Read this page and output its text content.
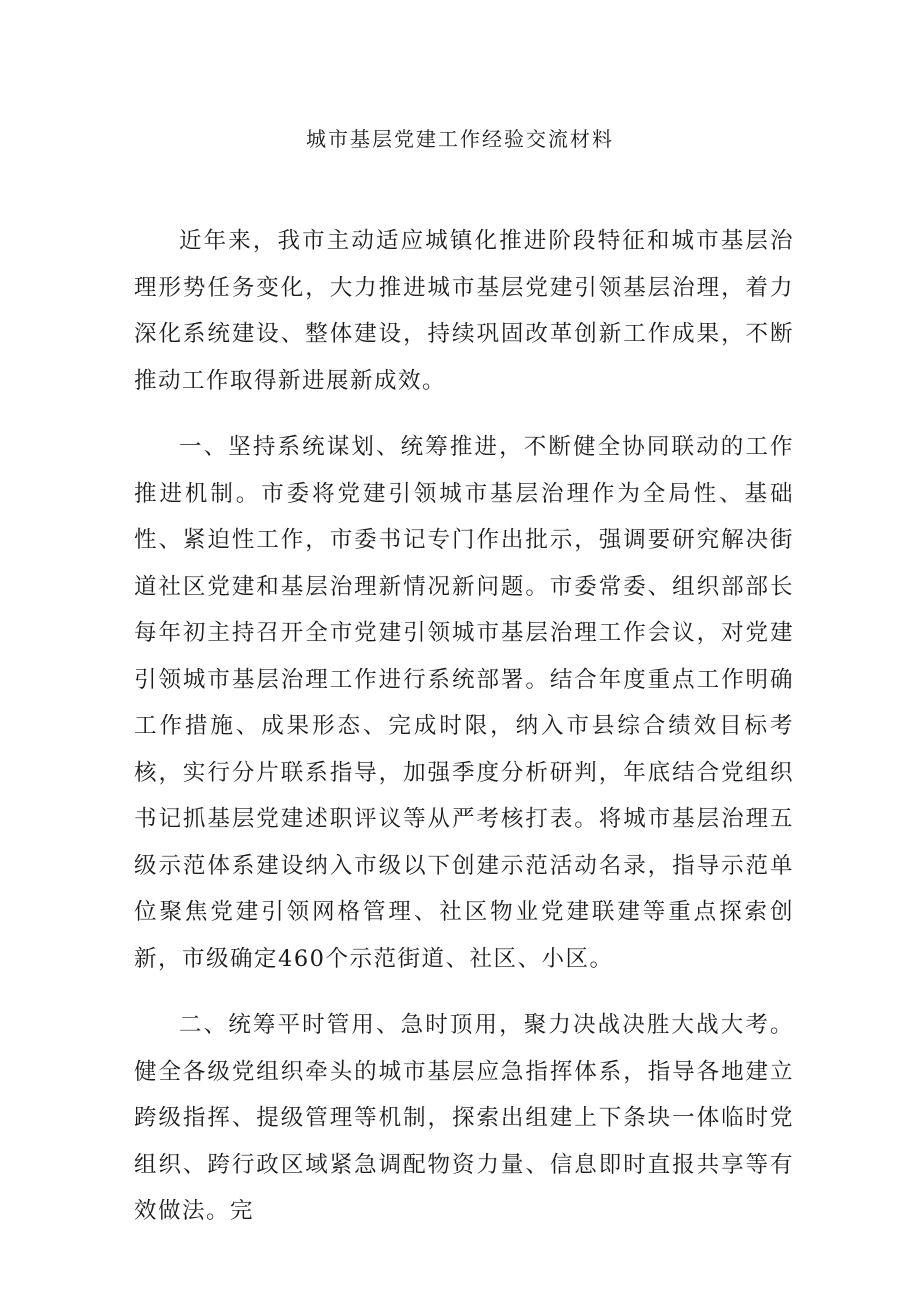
城市基层党建工作经验交流材料

近年来，我市主动适应城镇化推进阶段特征和城市基层治理形势任务变化，大力推进城市基层党建引领基层治理，着力深化系统建设、整体建设，持续巩固改革创新工作成果，不断推动工作取得新进展新成效。

一、坚持系统谋划、统筹推进，不断健全协同联动的工作推进机制。市委将党建引领城市基层治理作为全局性、基础性、紧迫性工作，市委书记专门作出批示，强调要研究解决街道社区党建和基层治理新情况新问题。市委常委、组织部部长每年初主持召开全市党建引领城市基层治理工作会议，对党建引领城市基层治理工作进行系统部署。结合年度重点工作明确工作措施、成果形态、完成时限，纳入市县综合绩效目标考核，实行分片联系指导，加强季度分析研判，年底结合党组织书记抓基层党建述职评议等从严考核打表。将城市基层治理五级示范体系建设纳入市级以下创建示范活动名录，指导示范单位聚焦党建引领网格管理、社区物业党建联建等重点探索创新，市级确定460个示范街道、社区、小区。

二、统筹平时管用、急时顶用，聚力决战决胜大战大考。健全各级党组织牵头的城市基层应急指挥体系，指导各地建立跨级指挥、提级管理等机制，探索出组建上下条块一体临时党组织、跨行政区域紧急调配物资力量、信息即时直报共享等有效做法。完
